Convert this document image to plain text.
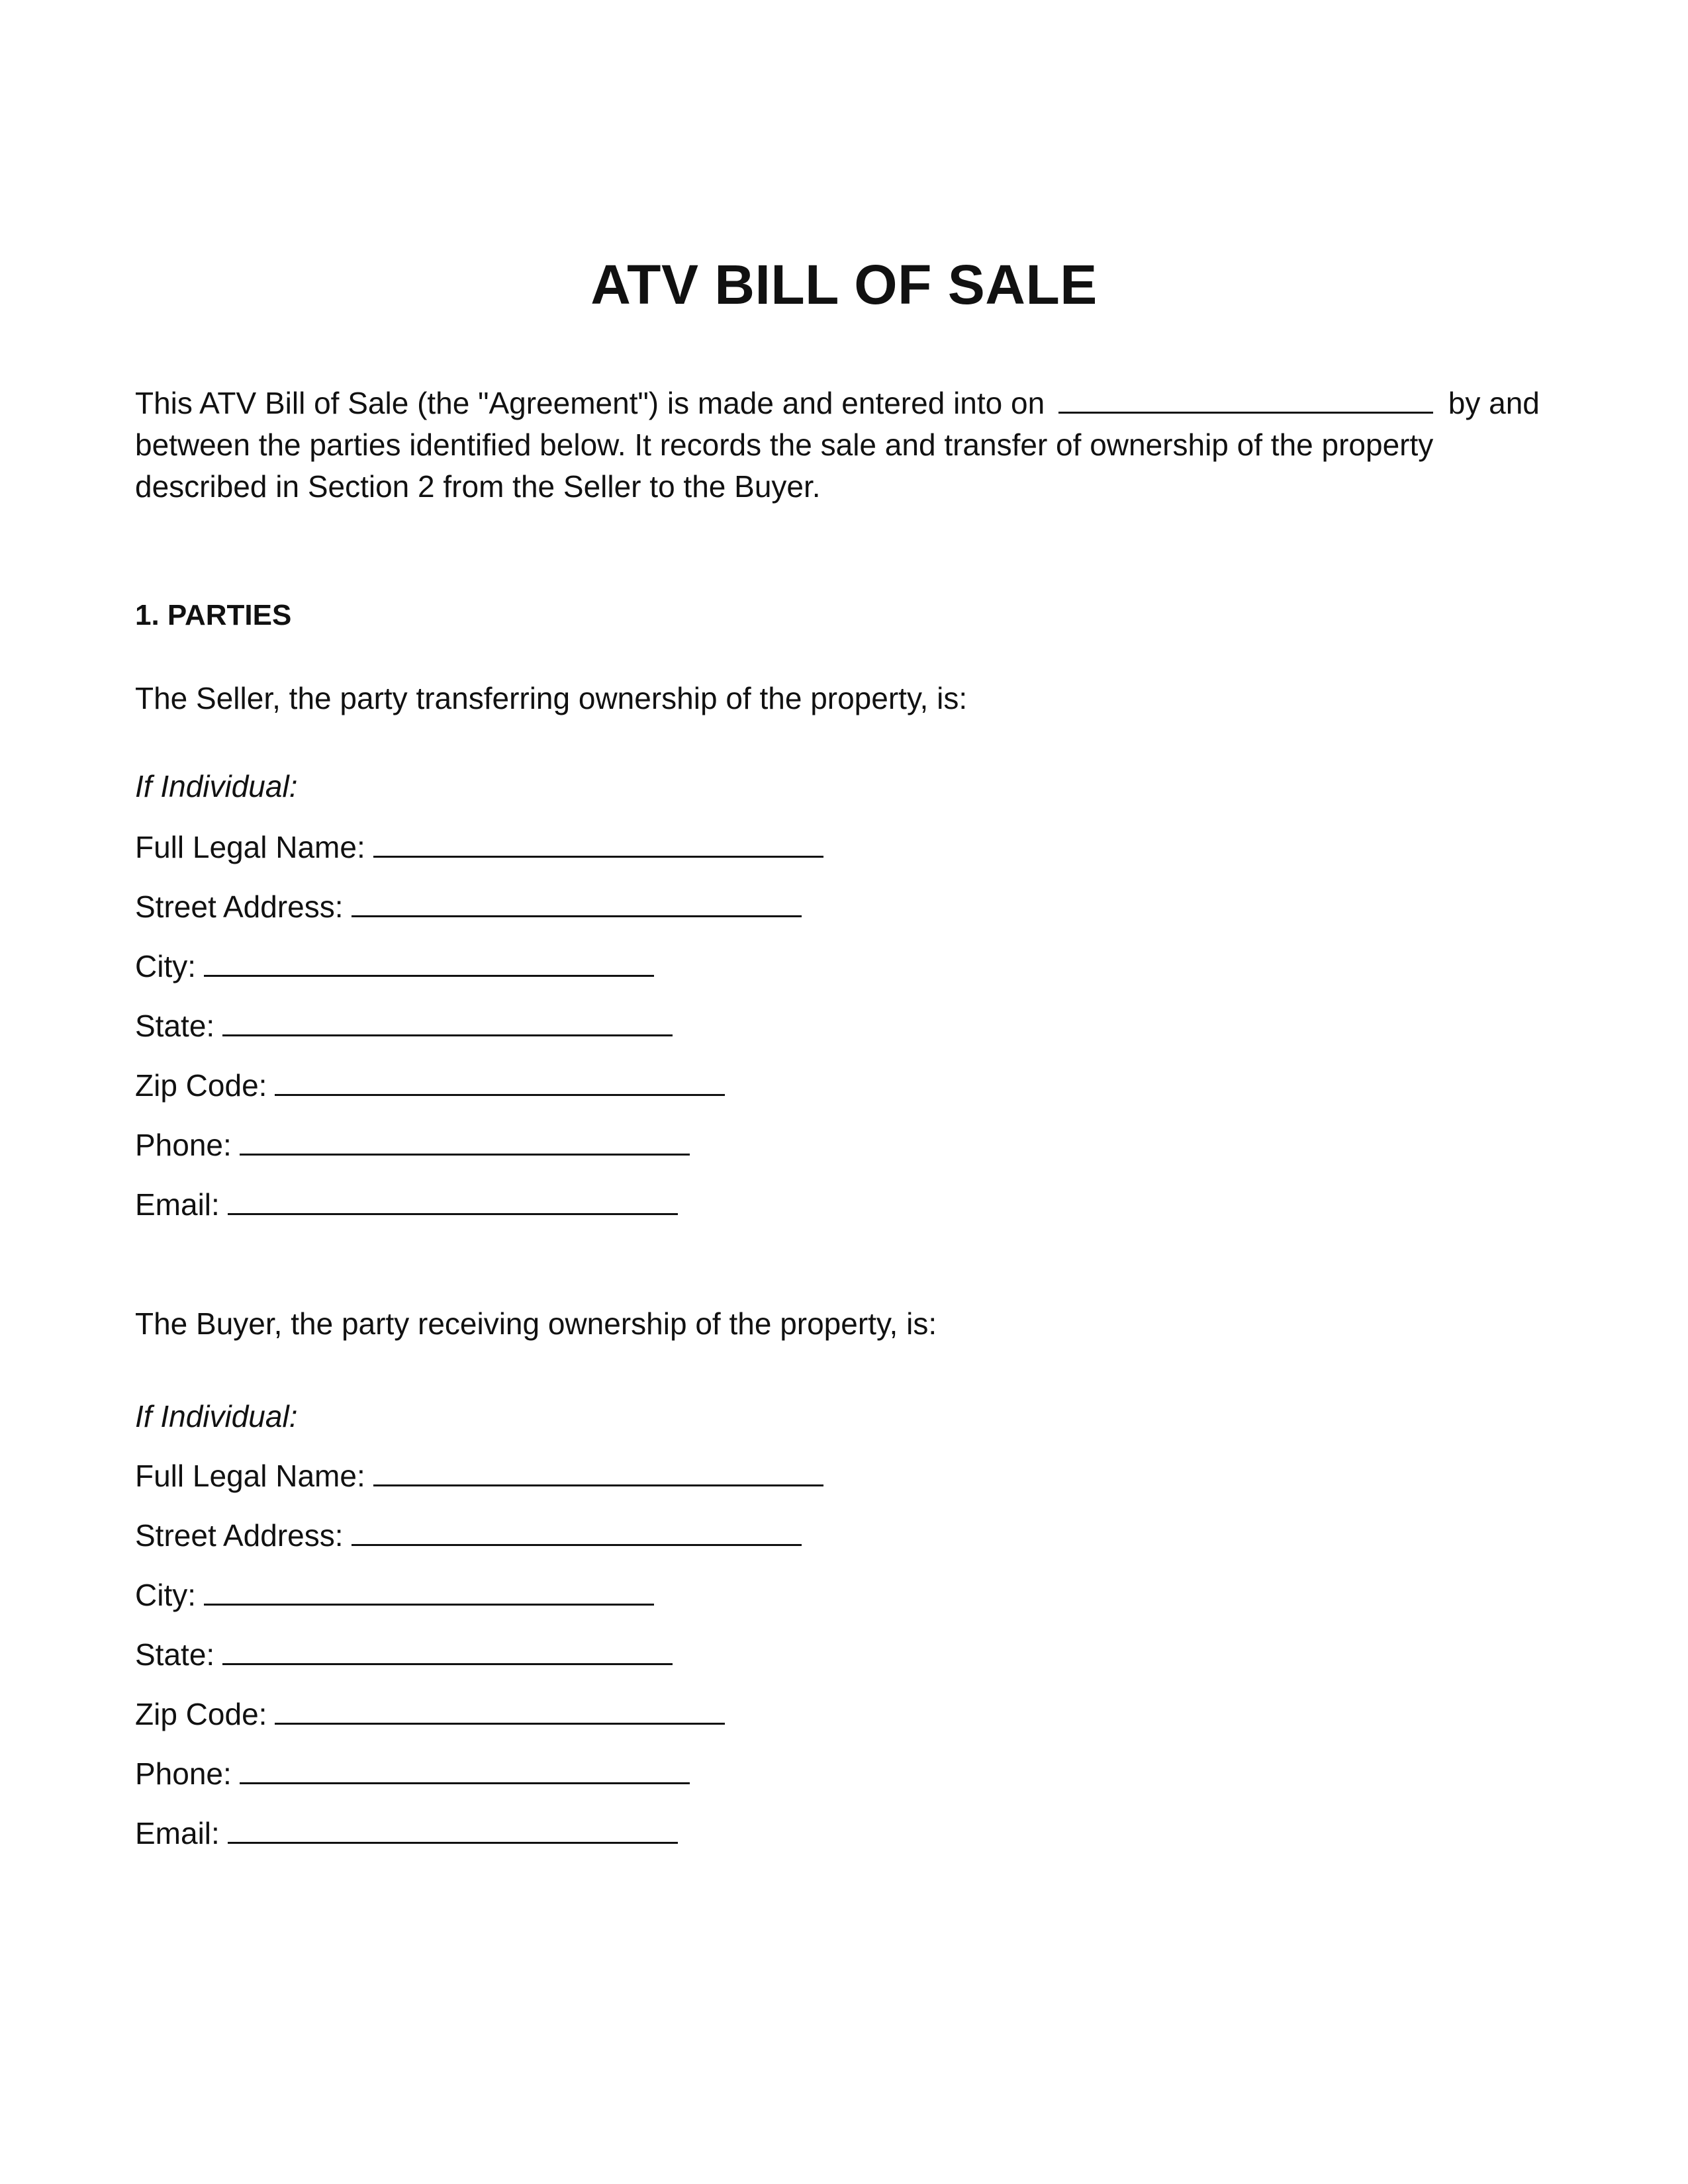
ATV BILL OF SALE
This ATV Bill of Sale (the "Agreement") is made and entered into on	by and between the parties identified below. It records the sale and transfer of ownership of the property described in Section 2 from the Seller to the Buyer.
1. PARTIES
The Seller, the party transferring ownership of the property, is:
If Individual:
Full Legal Name:
Street Address:
City:
State:
Zip Code:
Phone:
Email:
The Buyer, the party receiving ownership of the property, is:
If Individual:
Full Legal Name:
Street Address:
City:
State:
Zip Code:
Phone:
Email:
